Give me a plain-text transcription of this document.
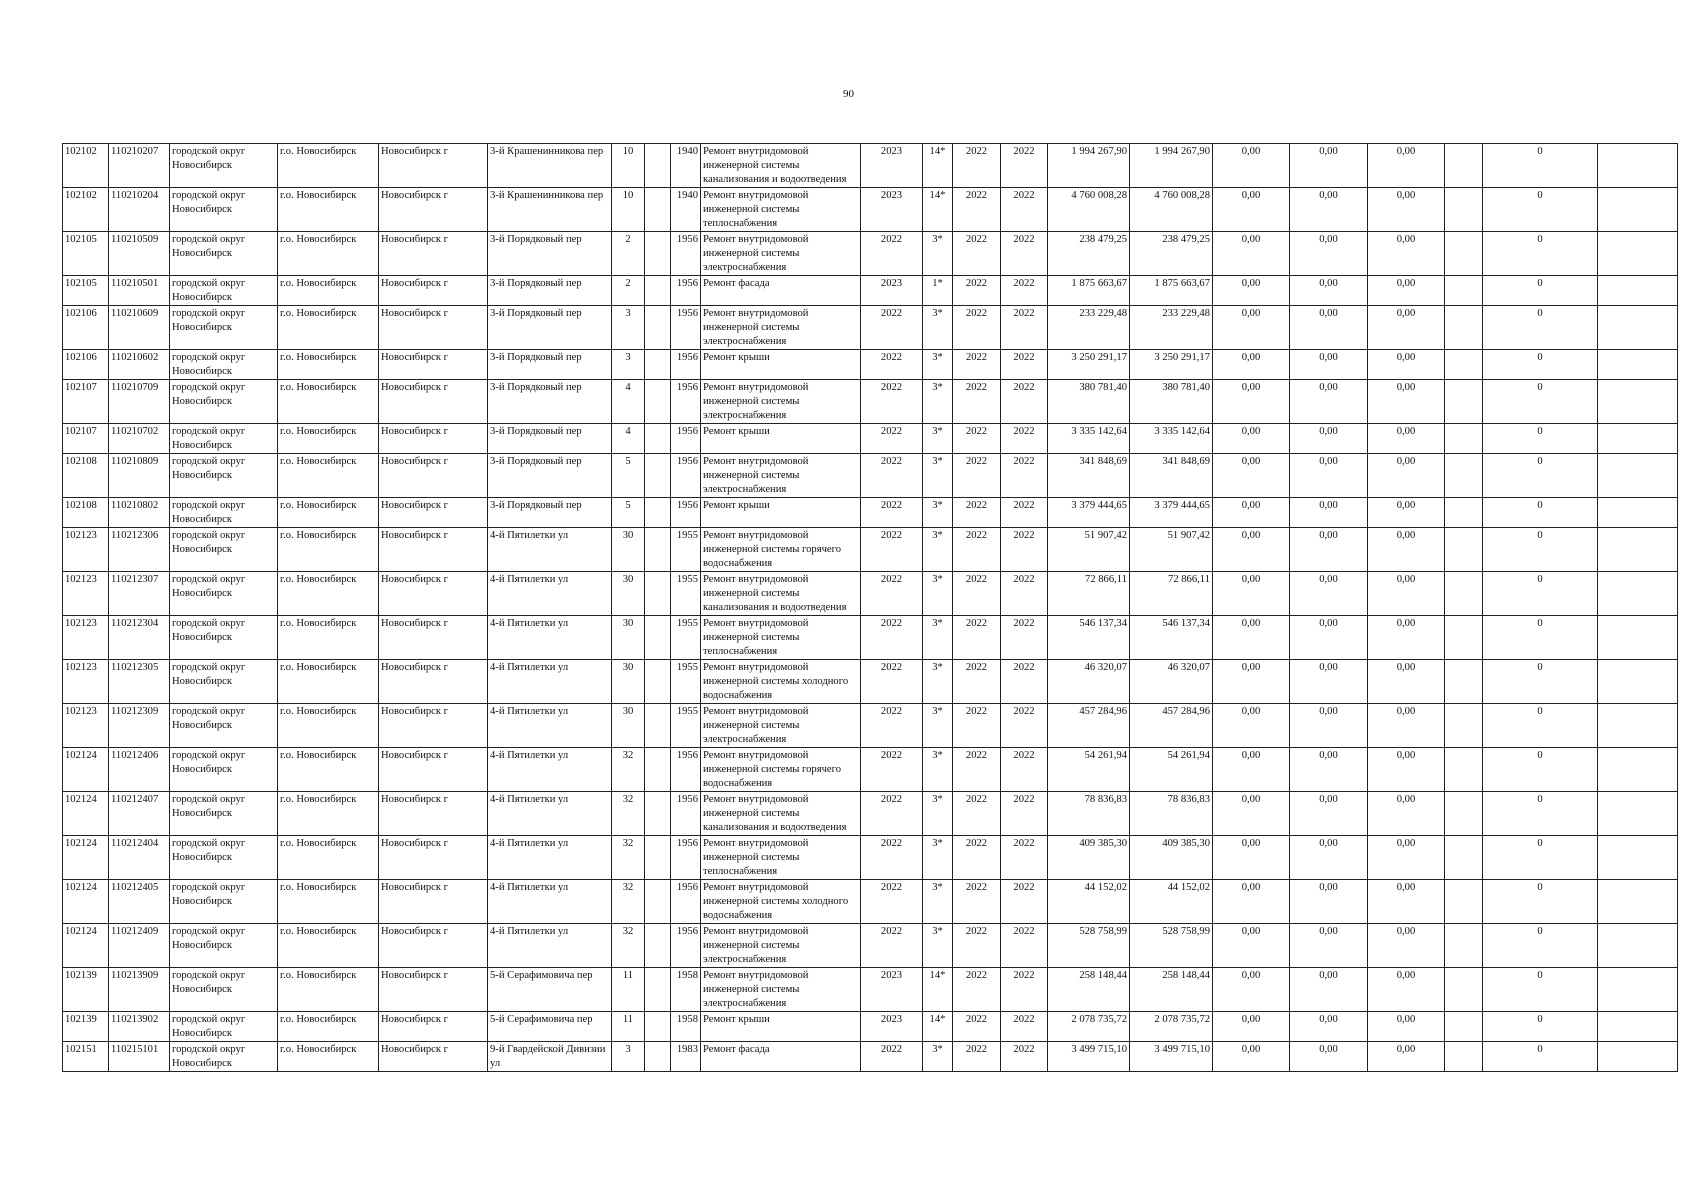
90
102102	110210207	городской округ Новосибирск	г.о. Новосибирск	Новосибирск г	3-й Крашенинникова пер	10		1940	Ремонт внутридомовой инженерной системы канализования и водоотведения	2023	14*	2022	2022	1 994 267,90	1 994 267,90	0,00	0,00	0,00		0	
102102	110210204	городской округ Новосибирск	г.о. Новосибирск	Новосибирск г	3-й Крашенинникова пер	10		1940	Ремонт внутридомовой инженерной системы теплоснабжения	2023	14*	2022	2022	4 760 008,28	4 760 008,28	0,00	0,00	0,00		0	
102105	110210509	городской округ Новосибирск	г.о. Новосибирск	Новосибирск г	3-й Порядковый пер	2		1956	Ремонт внутридомовой инженерной системы электроснабжения	2022	3*	2022	2022	238 479,25	238 479,25	0,00	0,00	0,00		0	
102105	110210501	городской округ Новосибирск	г.о. Новосибирск	Новосибирск г	3-й Порядковый пер	2		1956	Ремонт фасада	2023	1*	2022	2022	1 875 663,67	1 875 663,67	0,00	0,00	0,00		0	
102106	110210609	городской округ Новосибирск	г.о. Новосибирск	Новосибирск г	3-й Порядковый пер	3		1956	Ремонт внутридомовой инженерной системы электроснабжения	2022	3*	2022	2022	233 229,48	233 229,48	0,00	0,00	0,00		0	
102106	110210602	городской округ Новосибирск	г.о. Новосибирск	Новосибирск г	3-й Порядковый пер	3		1956	Ремонт крыши	2022	3*	2022	2022	3 250 291,17	3 250 291,17	0,00	0,00	0,00		0	
102107	110210709	городской округ Новосибирск	г.о. Новосибирск	Новосибирск г	3-й Порядковый пер	4		1956	Ремонт внутридомовой инженерной системы электроснабжения	2022	3*	2022	2022	380 781,40	380 781,40	0,00	0,00	0,00		0	
102107	110210702	городской округ Новосибирск	г.о. Новосибирск	Новосибирск г	3-й Порядковый пер	4		1956	Ремонт крыши	2022	3*	2022	2022	3 335 142,64	3 335 142,64	0,00	0,00	0,00		0	
102108	110210809	городской округ Новосибирск	г.о. Новосибирск	Новосибирск г	3-й Порядковый пер	5		1956	Ремонт внутридомовой инженерной системы электроснабжения	2022	3*	2022	2022	341 848,69	341 848,69	0,00	0,00	0,00		0	
102108	110210802	городской округ Новосибирск	г.о. Новосибирск	Новосибирск г	3-й Порядковый пер	5		1956	Ремонт крыши	2022	3*	2022	2022	3 379 444,65	3 379 444,65	0,00	0,00	0,00		0	
102123	110212306	городской округ Новосибирск	г.о. Новосибирск	Новосибирск г	4-й Пятилетки ул	30		1955	Ремонт внутридомовой инженерной системы горячего водоснабжения	2022	3*	2022	2022	51 907,42	51 907,42	0,00	0,00	0,00		0	
102123	110212307	городской округ Новосибирск	г.о. Новосибирск	Новосибирск г	4-й Пятилетки ул	30		1955	Ремонт внутридомовой инженерной системы канализования и водоотведения	2022	3*	2022	2022	72 866,11	72 866,11	0,00	0,00	0,00		0	
102123	110212304	городской округ Новосибирск	г.о. Новосибирск	Новосибирск г	4-й Пятилетки ул	30		1955	Ремонт внутридомовой инженерной системы теплоснабжения	2022	3*	2022	2022	546 137,34	546 137,34	0,00	0,00	0,00		0	
102123	110212305	городской округ Новосибирск	г.о. Новосибирск	Новосибирск г	4-й Пятилетки ул	30		1955	Ремонт внутридомовой инженерной системы холодного водоснабжения	2022	3*	2022	2022	46 320,07	46 320,07	0,00	0,00	0,00		0	
102123	110212309	городской округ Новосибирск	г.о. Новосибирск	Новосибирск г	4-й Пятилетки ул	30		1955	Ремонт внутридомовой инженерной системы электроснабжения	2022	3*	2022	2022	457 284,96	457 284,96	0,00	0,00	0,00		0	
102124	110212406	городской округ Новосибирск	г.о. Новосибирск	Новосибирск г	4-й Пятилетки ул	32		1956	Ремонт внутридомовой инженерной системы горячего водоснабжения	2022	3*	2022	2022	54 261,94	54 261,94	0,00	0,00	0,00		0	
102124	110212407	городской округ Новосибирск	г.о. Новосибирск	Новосибирск г	4-й Пятилетки ул	32		1956	Ремонт внутридомовой инженерной системы канализования и водоотведения	2022	3*	2022	2022	78 836,83	78 836,83	0,00	0,00	0,00		0	
102124	110212404	городской округ Новосибирск	г.о. Новосибирск	Новосибирск г	4-й Пятилетки ул	32		1956	Ремонт внутридомовой инженерной системы теплоснабжения	2022	3*	2022	2022	409 385,30	409 385,30	0,00	0,00	0,00		0	
102124	110212405	городской округ Новосибирск	г.о. Новосибирск	Новосибирск г	4-й Пятилетки ул	32		1956	Ремонт внутридомовой инженерной системы холодного водоснабжения	2022	3*	2022	2022	44 152,02	44 152,02	0,00	0,00	0,00		0	
102124	110212409	городской округ Новосибирск	г.о. Новосибирск	Новосибирск г	4-й Пятилетки ул	32		1956	Ремонт внутридомовой инженерной системы электроснабжения	2022	3*	2022	2022	528 758,99	528 758,99	0,00	0,00	0,00		0	
102139	110213909	городской округ Новосибирск	г.о. Новосибирск	Новосибирск г	5-й Серафимовича пер	11		1958	Ремонт внутридомовой инженерной системы электроснабжения	2023	14*	2022	2022	258 148,44	258 148,44	0,00	0,00	0,00		0	
102139	110213902	городской округ Новосибирск	г.о. Новосибирск	Новосибирск г	5-й Серафимовича пер	11		1958	Ремонт крыши	2023	14*	2022	2022	2 078 735,72	2 078 735,72	0,00	0,00	0,00		0	
102151	110215101	городской округ Новосибирск	г.о. Новосибирск	Новосибирск г	9-й Гвардейской Дивизии ул	3		1983	Ремонт фасада	2022	3*	2022	2022	3 499 715,10	3 499 715,10	0,00	0,00	0,00		0	
